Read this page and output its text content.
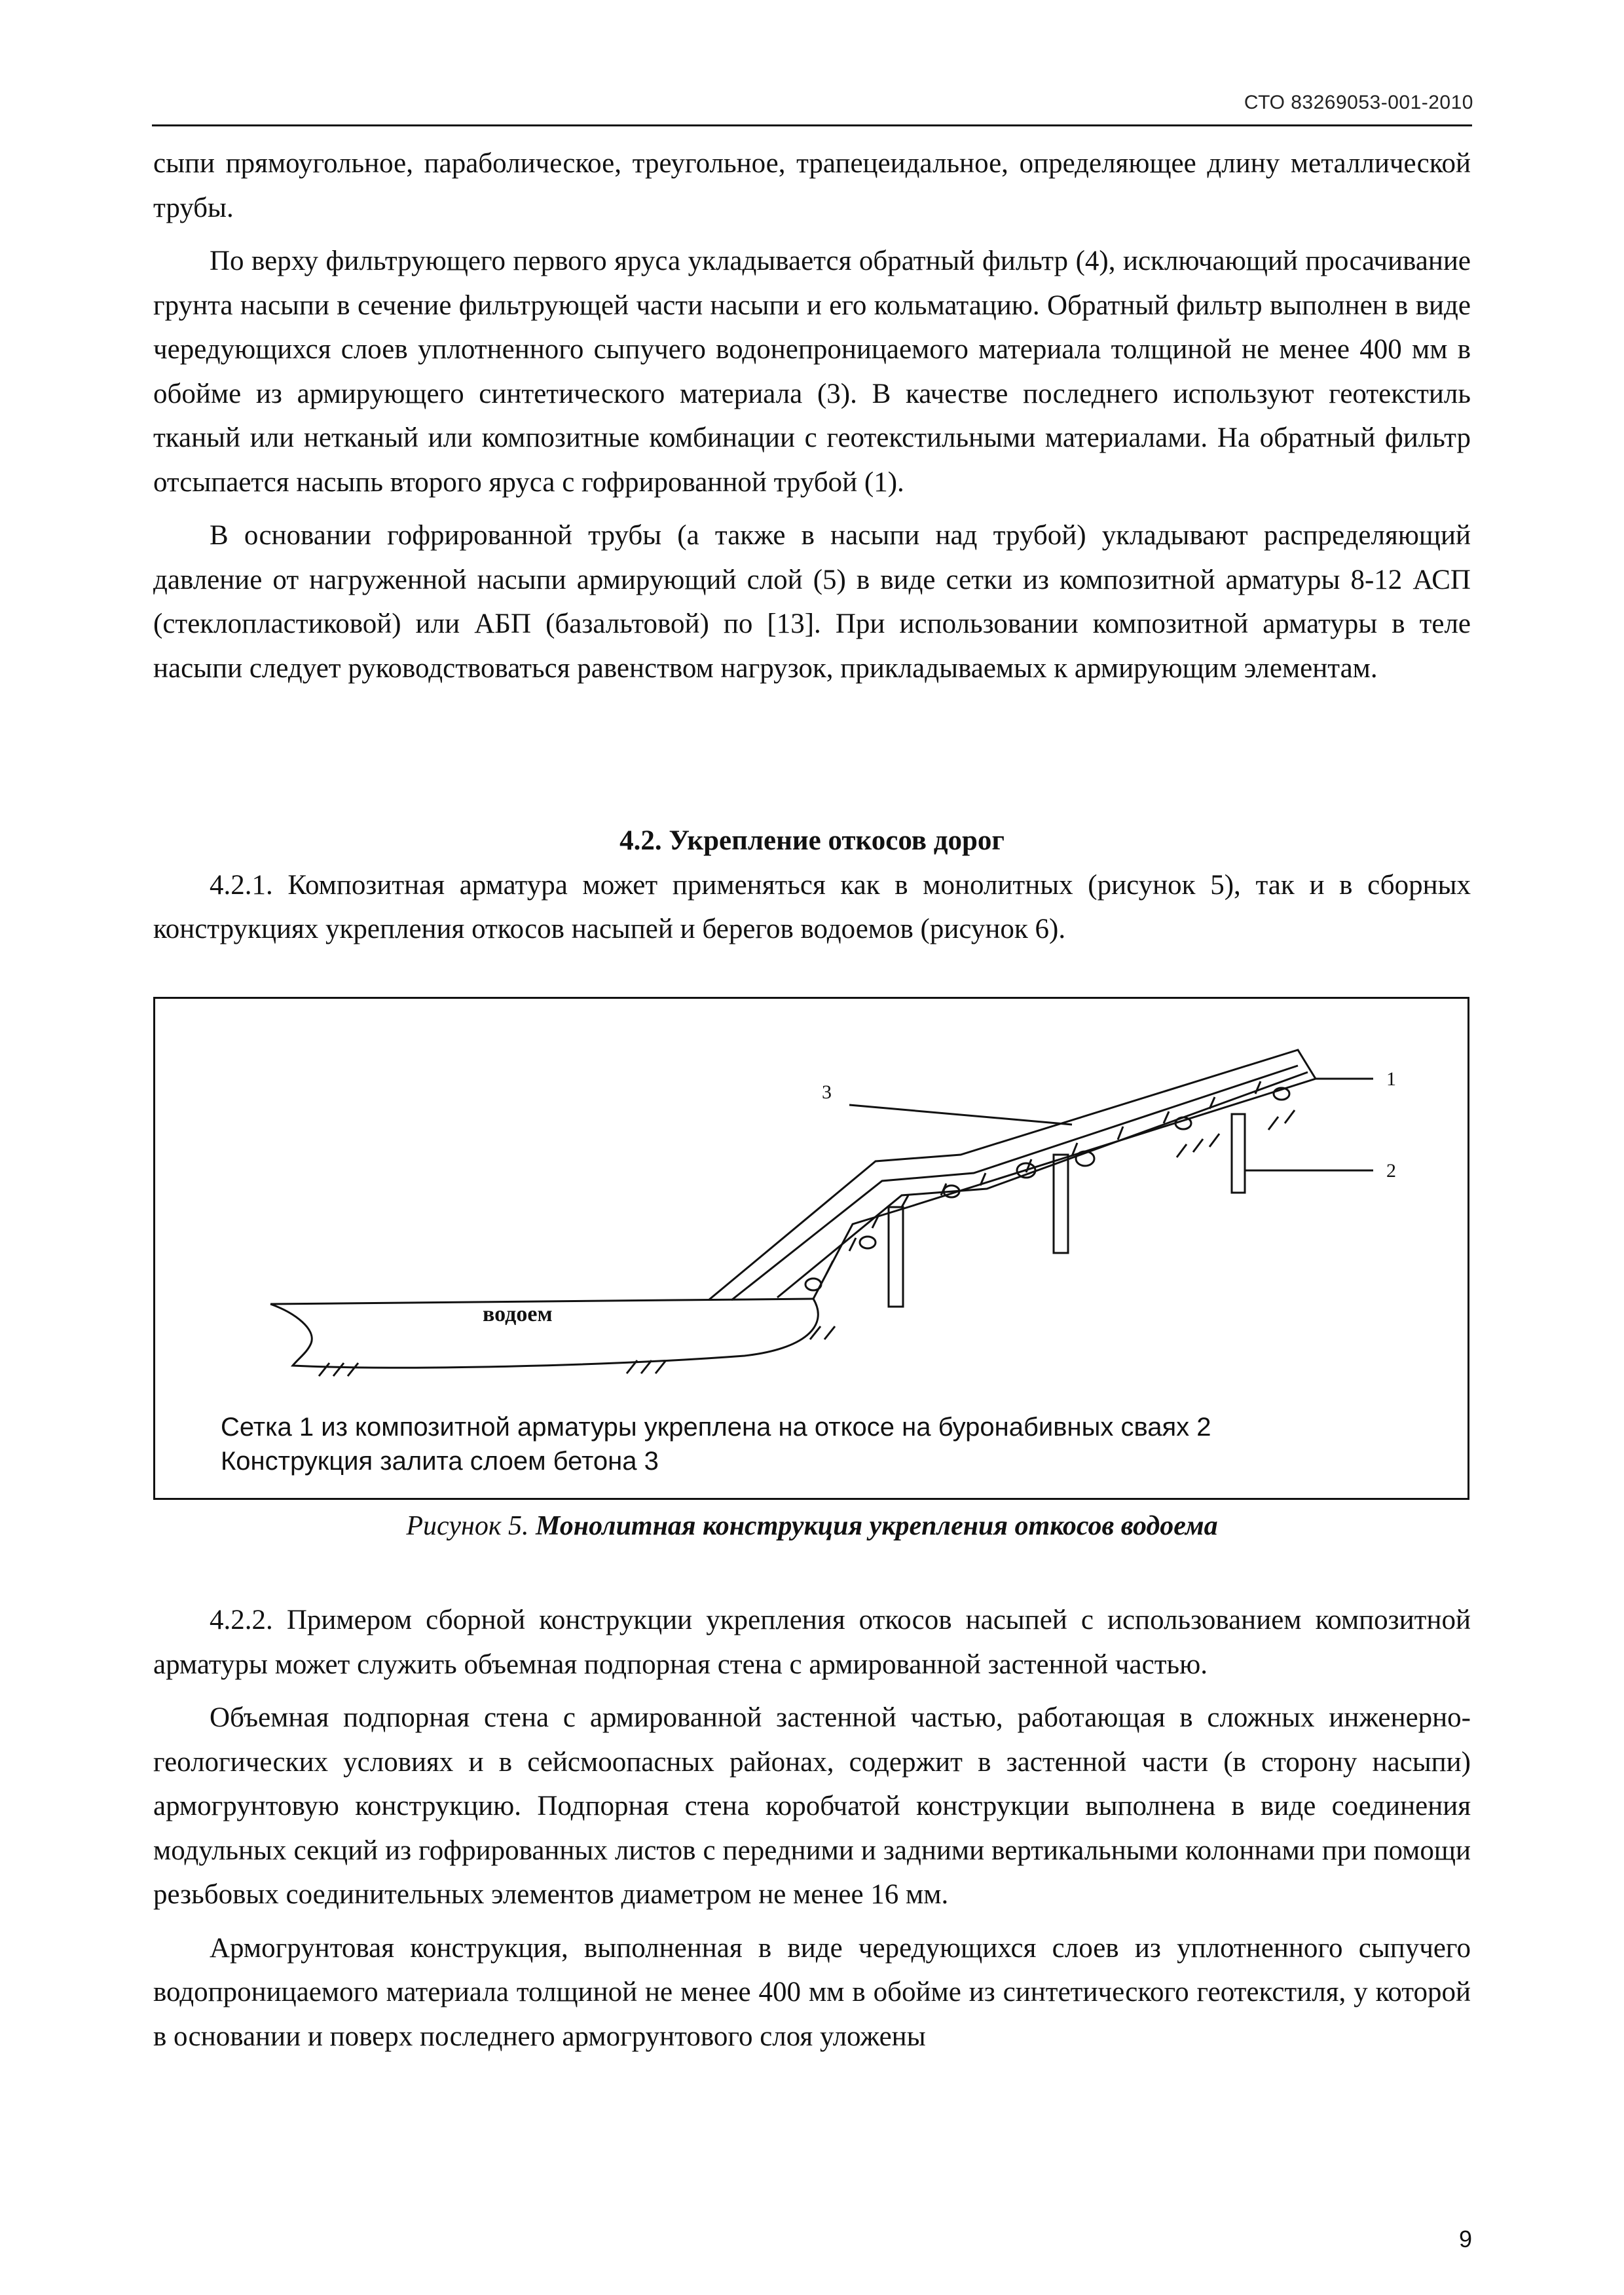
СТО 83269053-001-2010

сыпи прямоугольное, параболическое, треугольное, трапецеидальное, определяющее длину металлической трубы.

По верху фильтрующего первого яруса укладывается обратный фильтр (4), исключающий просачивание грунта насыпи в сечение фильтрующей части насыпи и его кольматацию. Обратный фильтр выполнен в виде чередующихся слоев уплотненного сыпучего водонепроницаемого материала толщиной не менее 400 мм в обойме из армирующего синтетического материала (3). В качестве последнего используют геотекстиль тканый или нетканый или композитные комбинации с геотекстильными материалами. На обратный фильтр отсыпается насыпь второго яруса с гофрированной трубой (1).

В основании гофрированной трубы (а также в насыпи над трубой) укладывают распределяющий давление от нагруженной насыпи армирующий слой (5) в виде сетки из композитной арматуры 8-12 АСП (стеклопластиковой) или АБП (базальтовой) по [13]. При использовании композитной арматуры в теле насыпи следует руководствоваться равенством нагрузок, прикладываемых к армирующим элементам.

4.2. Укрепление откосов дорог

4.2.1. Композитная арматура может применяться как в монолитных (рисунок 5), так и в сборных конструкциях укрепления откосов насыпей и берегов водоемов (рисунок 6).

водоем
3
1
2
Сетка 1 из композитной арматуры укреплена на откосе на буронабивных сваях 2
Конструкция залита слоем бетона 3
Рисунок 5. Монолитная конструкция укрепления откосов водоема

4.2.2. Примером сборной конструкции укрепления откосов насыпей с использованием композитной арматуры может служить объемная подпорная стена с армированной застенной частью.

Объемная подпорная стена с армированной застенной частью, работающая в сложных инженерно-геологических условиях и в сейсмоопасных районах, содержит в застенной части (в сторону насыпи) армогрунтовую конструкцию. Подпорная стена коробчатой конструкции выполнена в виде соединения модульных секций из гофрированных листов с передними и задними вертикальными колоннами при помощи резьбовых соединительных элементов диаметром не менее 16 мм.

Армогрунтовая конструкция, выполненная в виде чередующихся слоев из уплотненного сыпучего водопроницаемого материала толщиной не менее 400 мм в обойме из синтетического геотекстиля, у которой в основании и поверх последнего армогрунтового слоя уложены

9
